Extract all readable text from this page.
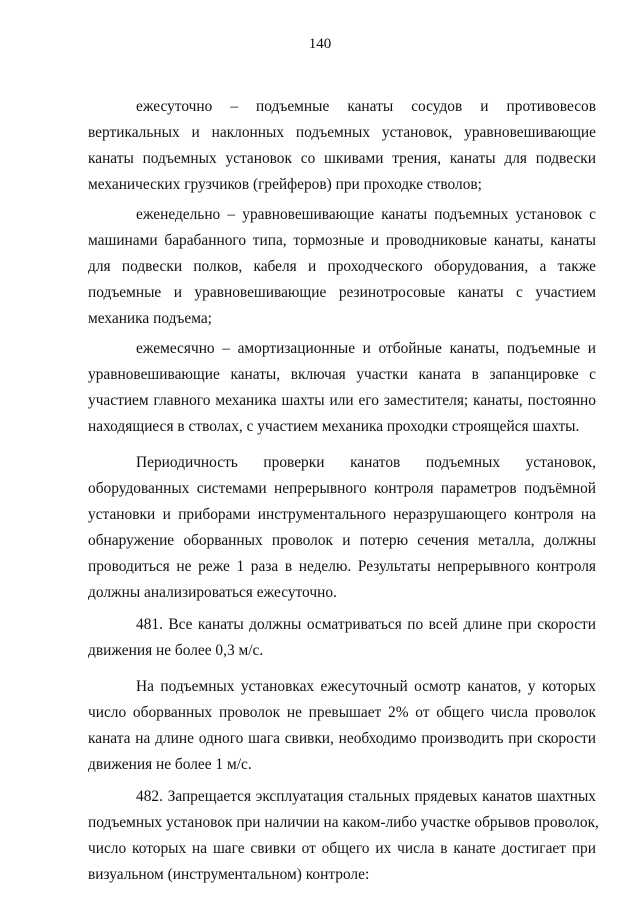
140
ежесуточно – подъемные канаты сосудов и противовесов
вертикальных и наклонных подъемных установок, уравновешивающие
канаты подъемных установок со шкивами трения, канаты для подвески
механических грузчиков (грейферов) при проходке стволов;
еженедельно – уравновешивающие канаты подъемных установок с
машинами барабанного типа, тормозные и проводниковые канаты, канаты
для подвески полков, кабеля и проходческого оборудования, а также
подъемные и уравновешивающие резинотросовые канаты с участием
механика подъема;
ежемесячно – амортизационные и отбойные канаты, подъемные и
уравновешивающие канаты, включая участки каната в запанцировке с
участием главного механика шахты или его заместителя; канаты, постоянно
находящиеся в стволах, с участием механика проходки строящейся шахты.
Периодичность проверки канатов подъемных установок,
оборудованных системами непрерывного контроля параметров подъёмной
установки и приборами инструментального неразрушающего контроля на
обнаружение оборванных проволок и потерю сечения металла, должны
проводиться не реже 1 раза в неделю. Результаты непрерывного контроля
должны анализироваться ежесуточно.
481. Все канаты должны осматриваться по всей длине при скорости
движения не более 0,3 м/с.
На подъемных установках ежесуточный осмотр канатов, у которых
число оборванных проволок не превышает 2% от общего числа проволок
каната на длине одного шага свивки, необходимо производить при скорости
движения не более 1 м/с.
482. Запрещается эксплуатация стальных прядевых канатов шахтных
подъемных установок при наличии на каком-либо участке обрывов проволок,
число которых на шаге свивки от общего их числа в канате достигает при
визуальном (инструментальном) контроле:
